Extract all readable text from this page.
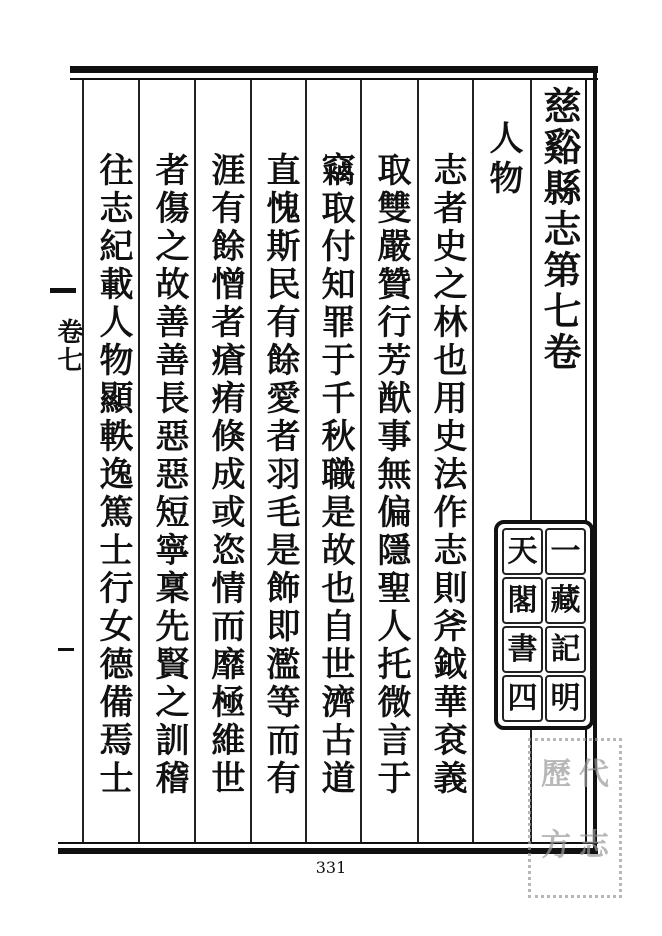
慈谿縣志第七卷
人物
志者史之林也用史法作志則斧鉞華袞義
取雙嚴贊行芳猷事無偏隱聖人托微言于
竊取付知罪于千秋職是故也自世濟古道
直愧斯民有餘愛者羽毛是飾即濫等而有
涯有餘憎者瘡痏倏成或恣情而靡極維世
者傷之故善善長惡惡短寧稟先賢之訓稽
往志紀載人物顯軼逸篤士行女德備焉士
卷七
天 一
閣 藏
書 記
四 明
歷 代
方 志
331
